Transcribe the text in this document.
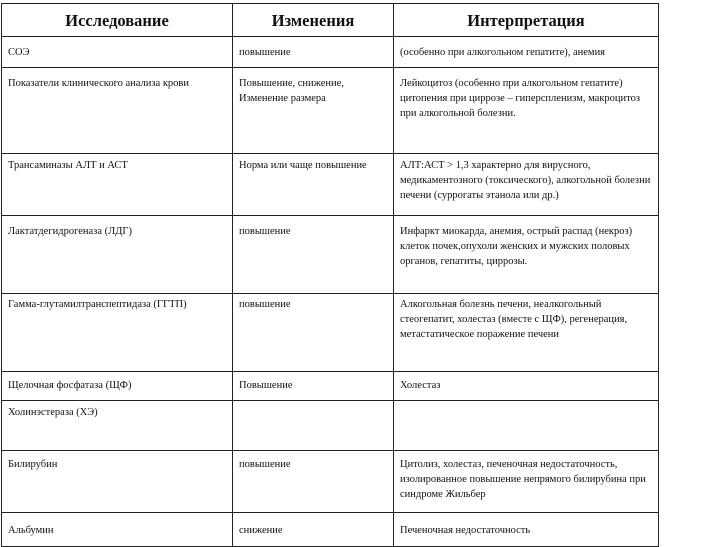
Исследование	Изменения	Интерпретация
СОЭ	повышение	(особенно при алкогольном гепатите), анемия
Показатели клинического анализа крови	Повышение, снижение, Изменение размера	Лейкоцитоз (особенно при алкогольном гепатите) цитопения при циррозе – гиперспленизм, макроцитоз при алкогольной болезни.
Трансаминазы АЛТ и АСТ	Норма или чаще повышение	АЛТ:АСТ > 1,3 характерно для вирусного, медикаментозного (токсического), алкогольной болезни печени (суррогаты этанола или др.)
Лактатдегидрогеназа (ЛДГ)	повышение	Инфаркт миокарда, анемия, острый распад (некроз) клеток почек,опухоли женских и мужских половых органов, гепатиты, циррозы.
Гамма-глутамилтранспептидаза (ГГТП)	повышение	Алкогольная болезнь печени, неалкогольный стеогепатит, холестаз (вместе с ЩФ), регенерация, метастатическое поражение печени
Щелочная фосфатаза (ЩФ)	Повышение	Холестаз
Холинэстераза (ХЭ)		
Билирубин	повышение	Цитолиз, холестаз, печеночная недостаточность, изолированное повышение непрямого билирубина при синдроме Жильбер
Альбумин	снижение	Печеночная недостаточность
